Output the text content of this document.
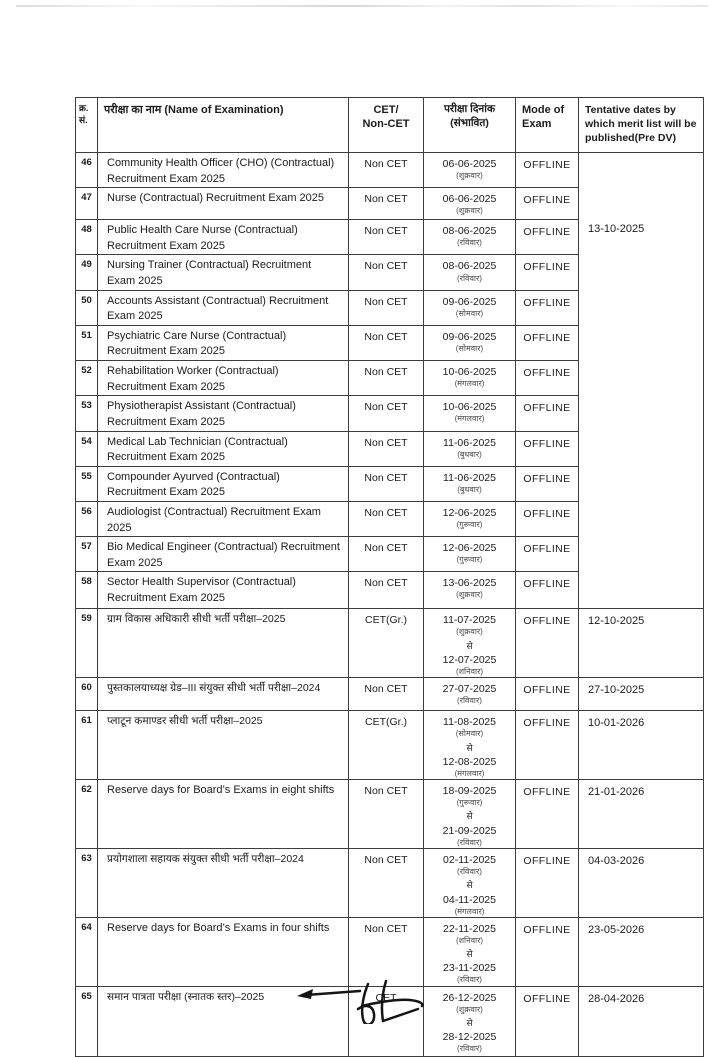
क्र.
सं.
	परीक्षा का नाम (Name of Examination)	CET/
Non-CET

परीक्षा दिनांक
(संभावित)
	Mode of Exam	Tentative dates by which merit list will be published(Pre DV)
46	Community Health Officer (CHO) (Contractual) Recruitment Exam 2025	Non CET	06-06-2025
(शुक्रवार)	OFFLINE	13-10-2025
47	Nurse (Contractual) Recruitment Exam 2025	Non CET	06-06-2025
(शुक्रवार)	OFFLINE	
48	Public Health Care Nurse (Contractual) Recruitment Exam 2025	Non CET	08-06-2025
(रविवार)	OFFLINE	
49	Nursing Trainer (Contractual) Recruitment Exam 2025	Non CET	08-06-2025
(रविवार)	OFFLINE	
50	Accounts Assistant (Contractual) Recruitment Exam 2025	Non CET	09-06-2025
(सोमवार)	OFFLINE	
51	Psychiatric Care Nurse (Contractual) Recruitment Exam 2025	Non CET	09-06-2025
(सोमवार)	OFFLINE	
52	Rehabilitation Worker (Contractual) Recruitment Exam 2025	Non CET	10-06-2025
(मंगलवार)	OFFLINE	
53	Physiotherapist Assistant (Contractual) Recruitment Exam 2025	Non CET	10-06-2025
(मंगलवार)	OFFLINE	
54	Medical Lab Technician (Contractual) Recruitment Exam 2025	Non CET	11-06-2025
(बुधवार)	OFFLINE	
55	Compounder Ayurved (Contractual) Recruitment Exam 2025	Non CET	11-06-2025
(बुधवार)	OFFLINE	
56	Audiologist (Contractual) Recruitment Exam 2025	Non CET	12-06-2025
(गुरूवार)	OFFLINE	
57	Bio Medical Engineer (Contractual) Recruitment Exam 2025	Non CET	12-06-2025
(गुरूवार)	OFFLINE	
58	Sector Health Supervisor (Contractual) Recruitment Exam 2025	Non CET	13-06-2025
(शुक्रवार)	OFFLINE	
59	ग्राम विकास अधिकारी सीधी भर्ती परीक्षा–2025	CET(Gr.)	11-07-2025
(शुक्रवार)
से
12-07-2025
(शनिवार)	OFFLINE	12-10-2025
60	पुस्तकालयाध्यक्ष ग्रेड–III संयुक्त सीधी भर्ती परीक्षा–2024	Non CET	27-07-2025
(रविवार)	OFFLINE	27-10-2025
61	प्लाटून कमाण्डर सीधी भर्ती परीक्षा–2025	CET(Gr.)	11-08-2025
(सोमवार)
से
12-08-2025
(मंगलवार)	OFFLINE	10-01-2026
62	Reserve days for Board’s Exams in eight shifts	Non CET	18-09-2025
(गुरूवार)
से
21-09-2025
(रविवार)	OFFLINE	21-01-2026
63	प्रयोगशाला सहायक संयुक्त सीधी भर्ती परीक्षा–2024	Non CET	02-11-2025
(रविवार)
से
04-11-2025
(मंगलवार)	OFFLINE	04-03-2026
64	Reserve days for Board’s Exams in four shifts	Non CET	22-11-2025
(शनिवार)
से
23-11-2025
(रविवार)	OFFLINE	23-05-2026
65	समान पात्रता परीक्षा (स्नातक स्तर)–2025	CET	26-12-2025
(शुक्रवार)
से
28-12-2025
(रविवार)	OFFLINE	28-04-2026
